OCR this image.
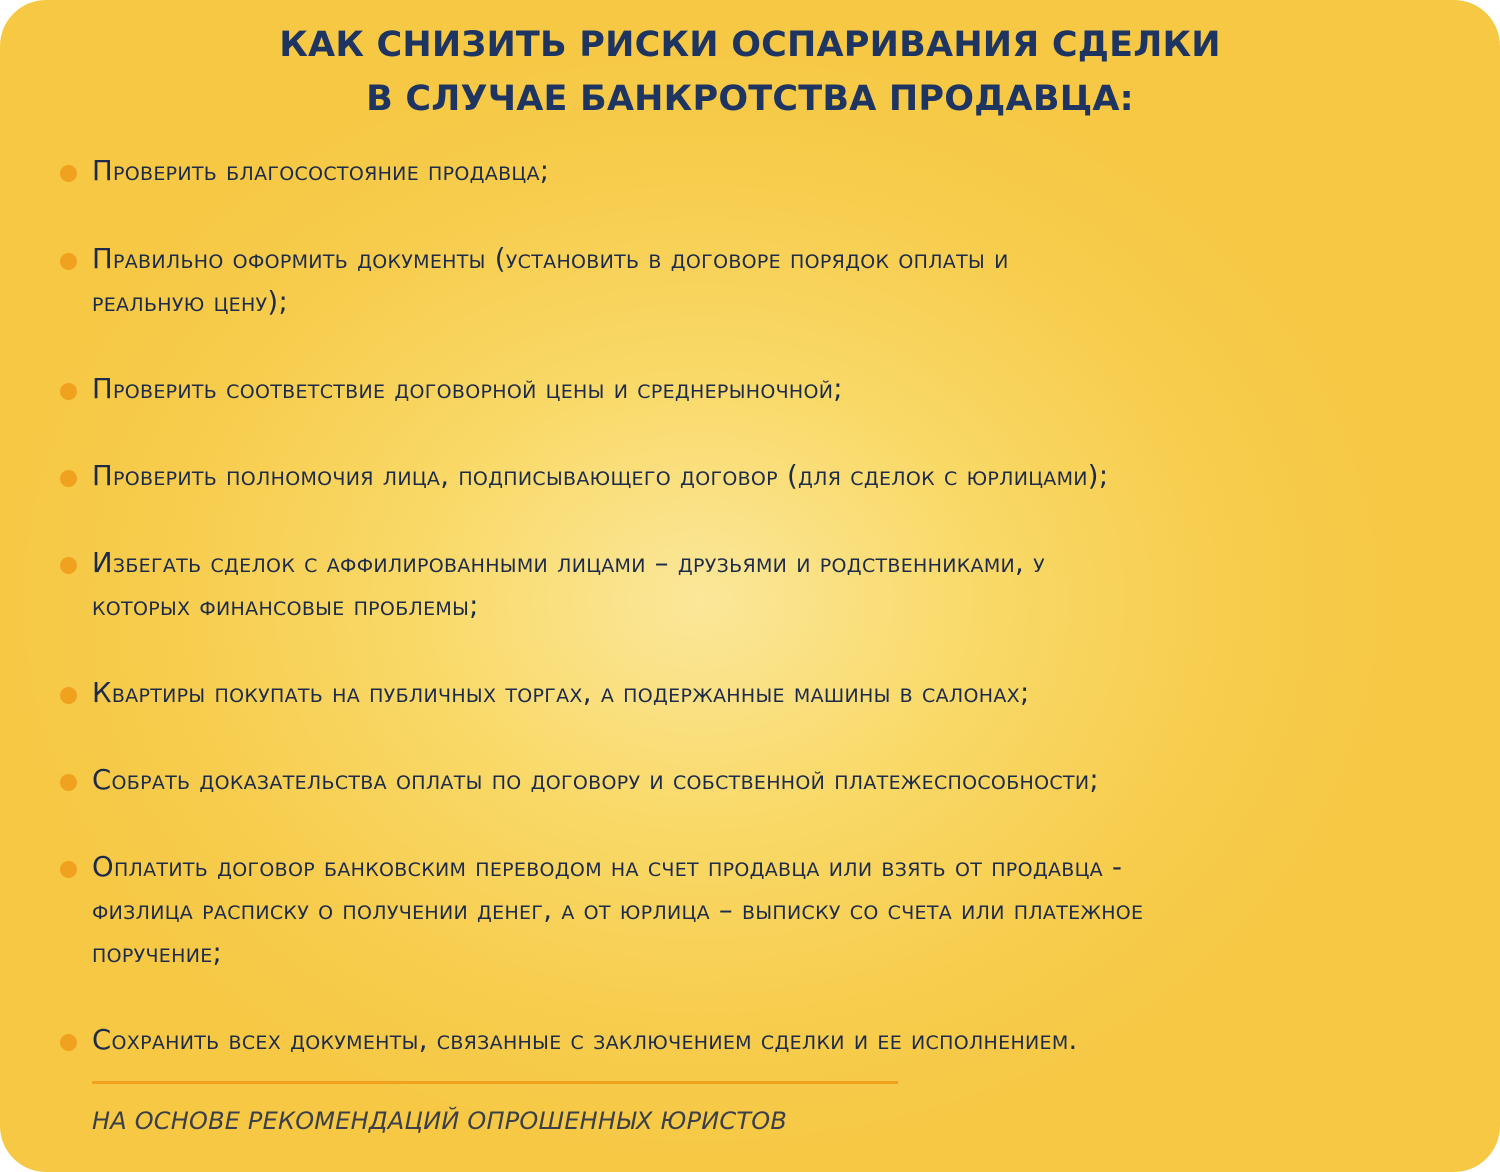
КАК СНИЗИТЬ РИСКИ ОСПАРИВАНИЯ СДЕЛКИ
В СЛУЧАЕ БАНКРОТСТВА ПРОДАВЦА:
Проверить благосостояние продавца;
Правильно оформить документы (установить в договоре порядок оплаты и
реальную цену);
Проверить соответствие договорной цены и среднерыночной;
Проверить полномочия лица, подписывающего договор (для сделок с юрлицами);
Избегать сделок с аффилированными лицами – друзьями и родственниками, у
которых финансовые проблемы;
Квартиры покупать на публичных торгах, а подержанные машины в салонах;
Собрать доказательства оплаты по договору и собственной платежеспособности;
Оплатить договор банковским переводом на счет продавца или взять от продавца -
физлица расписку о получении денег, а от юрлица – выписку со счета или платежное
поручение;
Сохранить всех документы, связанные с заключением сделки и ее исполнением.
НА ОСНОВЕ РЕКОМЕНДАЦИЙ ОПРОШЕННЫХ ЮРИСТОВ
